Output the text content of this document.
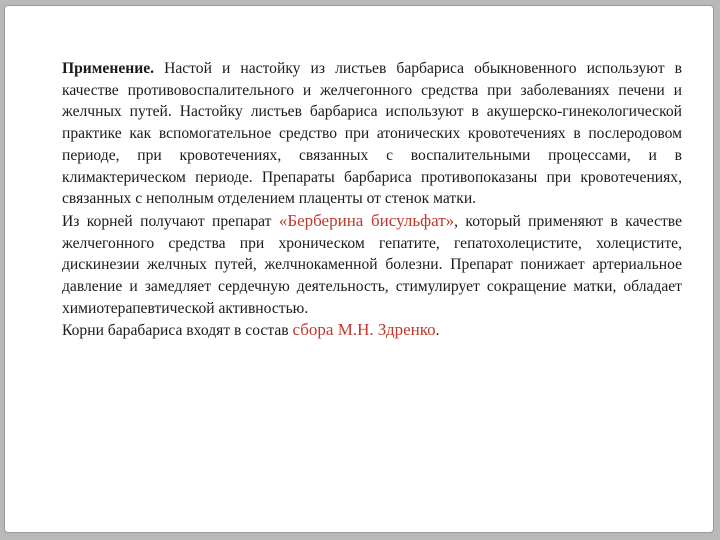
Применение. Настой и настойку из листьев барбариса обыкновенного используют в качестве противовоспалительного и желчегонного средства при заболеваниях печени и желчных путей. Настойку листьев барбариса используют в акушерско-гинекологической практике как вспомогательное средство при атонических кровотечениях в послеродовом периоде, при кровотечениях, связанных с воспалительными процессами, и в климактерическом периоде. Препараты барбариса противопоказаны при кровотечениях, связанных с неполным отделением плаценты от стенок матки.

Из корней получают препарат «Берберина бисульфат», который применяют в качестве желчегонного средства при хроническом гепатите, гепатохолецистите, холецистите, дискинезии желчных путей, желчнокаменной болезни. Препарат понижает артериальное давление и замедляет сердечную деятельность, стимулирует сокращение матки, обладает химиотерапевтической активностью.

Корни барабариса входят в состав сбора М.Н. Здренко.
